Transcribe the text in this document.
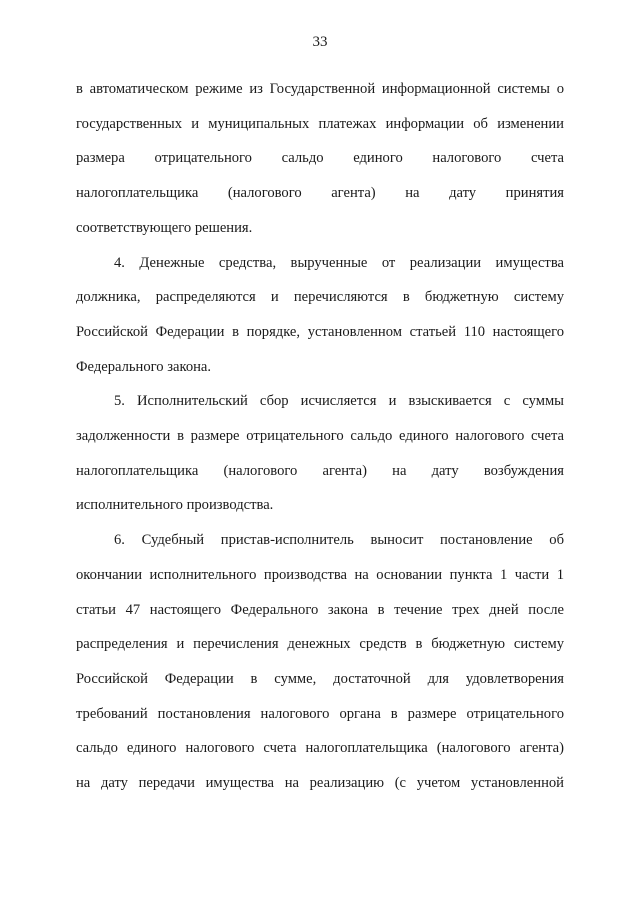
33
в автоматическом режиме из Государственной информационной системы о
государственных и муниципальных платежах информации об изменении
размера отрицательного сальдо единого налогового счета
налогоплательщика (налогового агента) на дату принятия
соответствующего решения.
4. Денежные средства, вырученные от реализации имущества
должника, распределяются и перечисляются в бюджетную систему
Российской Федерации в порядке, установленном статьей 110 настоящего
Федерального закона.
5. Исполнительский сбор исчисляется и взыскивается с суммы
задолженности в размере отрицательного сальдо единого налогового счета
налогоплательщика (налогового агента) на дату возбуждения
исполнительного производства.
6. Судебный пристав-исполнитель выносит постановление об
окончании исполнительного производства на основании пункта 1 части 1
статьи 47 настоящего Федерального закона в течение трех дней после
распределения и перечисления денежных средств в бюджетную систему
Российской Федерации в сумме, достаточной для удовлетворения
требований постановления налогового органа в размере отрицательного
сальдо единого налогового счета налогоплательщика (налогового агента)
на дату передачи имущества на реализацию (с учетом установленной
